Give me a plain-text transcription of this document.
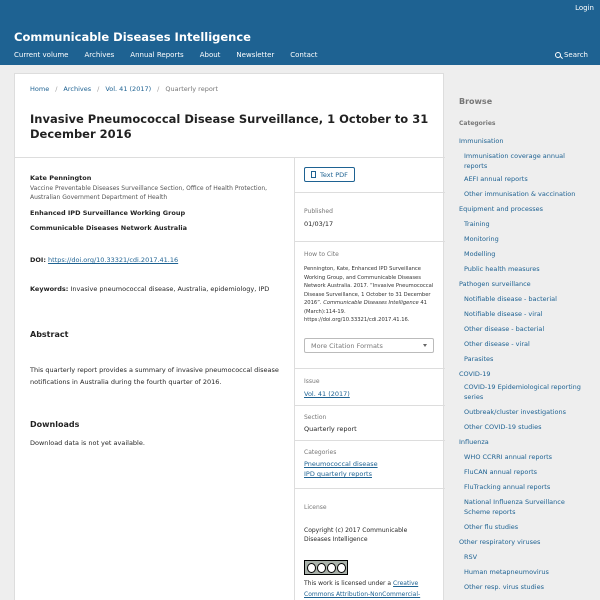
Login
Communicable Diseases Intelligence
Current volume Archives Annual Reports About Newsletter Contact	Search
Home / Archives / Vol. 41 (2017) / Quarterly report
Invasive Pneumococcal Disease Surveillance, 1 October to 31 December 2016
Kate Pennington
Vaccine Preventable Diseases Surveillance Section, Office of Health Protection, Australian Government Department of Health
Enhanced IPD Surveillance Working Group
Communicable Diseases Network Australia
DOI: https://doi.org/10.33321/cdi.2017.41.16
Keywords: Invasive pneumococcal disease, Australia, epidemiology, IPD
Abstract

This quarterly report provides a summary of invasive pneumococcal disease notifications in Australia during the fourth quarter of 2016.

Downloads

Download data is not yet available.

Text PDF
Published
01/03/17
How to Cite
Pennington, Kate, Enhanced IPD Surveillance Working Group, and Communicable Diseases Network Australia. 2017. “Invasive Pneumococcal Disease Surveillance, 1 October to 31 December 2016”. Communicable Diseases Intelligence 41 (March):114-19. https://doi.org/10.33321/cdi.2017.41.16.
More Citation Formats
Issue
Vol. 41 (2017)
Section
Quarterly report
Categories
Pneumococcal disease
IPD quarterly reports
License
Copyright (c) 2017 Communicable Diseases Intelligence
This work is licensed under a Creative Commons Attribution-NonCommercial-
Browse
Categories
Immunisation
Immunisation coverage annual reports
AEFI annual reports
Other immunisation & vaccination
Equipment and processes
Training
Monitoring
Modelling
Public health measures
Pathogen surveillance
Notifiable disease - bacterial
Notifiable disease - viral
Other disease - bacterial
Other disease - viral
Parasites
COVID-19
COVID-19 Epidemiological reporting series
Outbreak/cluster investigations
Other COVID-19 studies
Influenza
WHO CCRRI annual reports
FluCAN annual reports
FluTracking annual reports
National Influenza Surveillance Scheme reports
Other flu studies
Other respiratory viruses
RSV
Human metapneumovirus
Other resp. virus studies
